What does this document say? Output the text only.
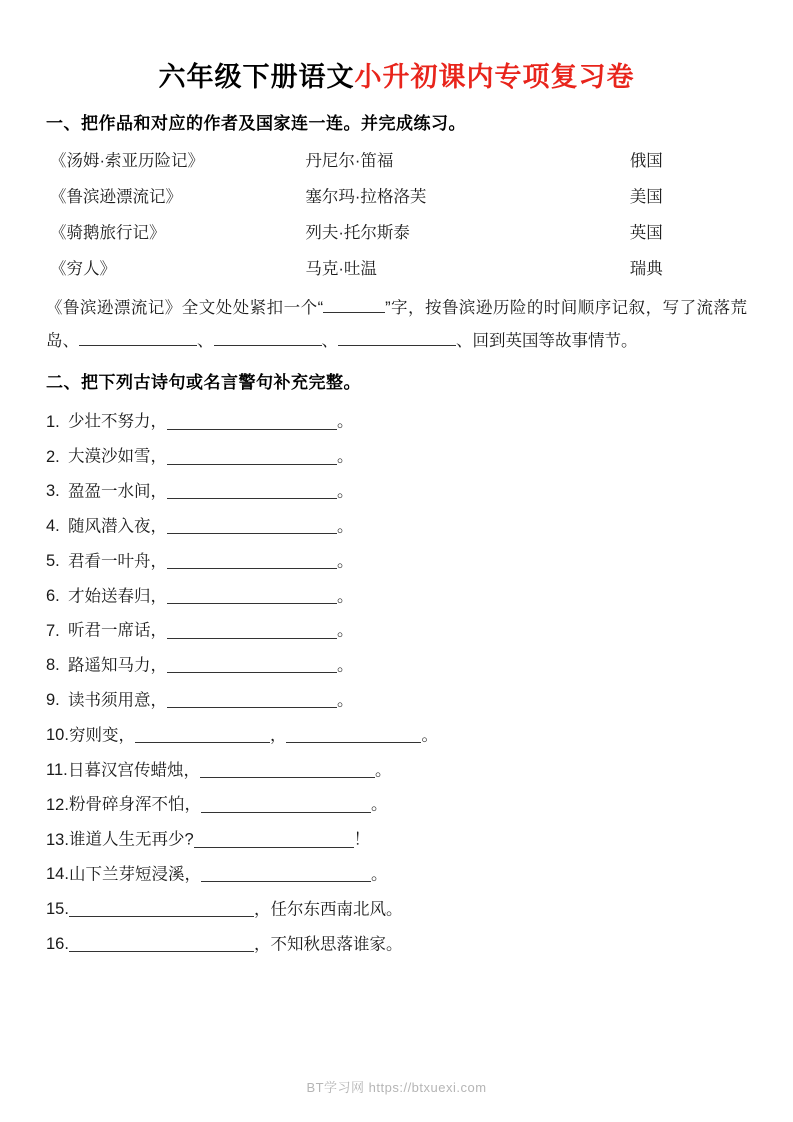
六年级下册语文小升初课内专项复习卷
一、把作品和对应的作者及国家连一连。并完成练习。
《汤姆·索亚历险记》	丹尼尔·笛福	俄国
《鲁滨逊漂流记》	塞尔玛·拉格洛芙	美国
《骑鹅旅行记》	列夫·托尔斯泰	英国
《穷人》	马克·吐温	瑞典
《鲁滨逊漂流记》全文处处紧扣一个“	”字，按鲁滨逊历险的时间顺序记叙，写了流落荒岛、	、	、	、回到英国等故事情节。
二、把下列古诗句或名言警句补充完整。
1. 少壮不努力，	。
2. 大漠沙如雪，	。
3. 盈盈一水间，	。
4. 随风潜入夜，	。
5. 君看一叶舟，	。
6. 才始送春归，	。
7. 听君一席话，	。
8. 路遥知马力，	。
9. 读书须用意，	。
10.穷则变，	，	。
11.日暮汉宫传蜡烛，	。
12.粉骨碎身浑不怕，	。
13.谁道人生无再少?	！
14.山下兰芽短浸溪，	。
15.	，任尔东西南北风。
16.	，不知秋思落谁家。
BT学习网 https://btxuexi.com
